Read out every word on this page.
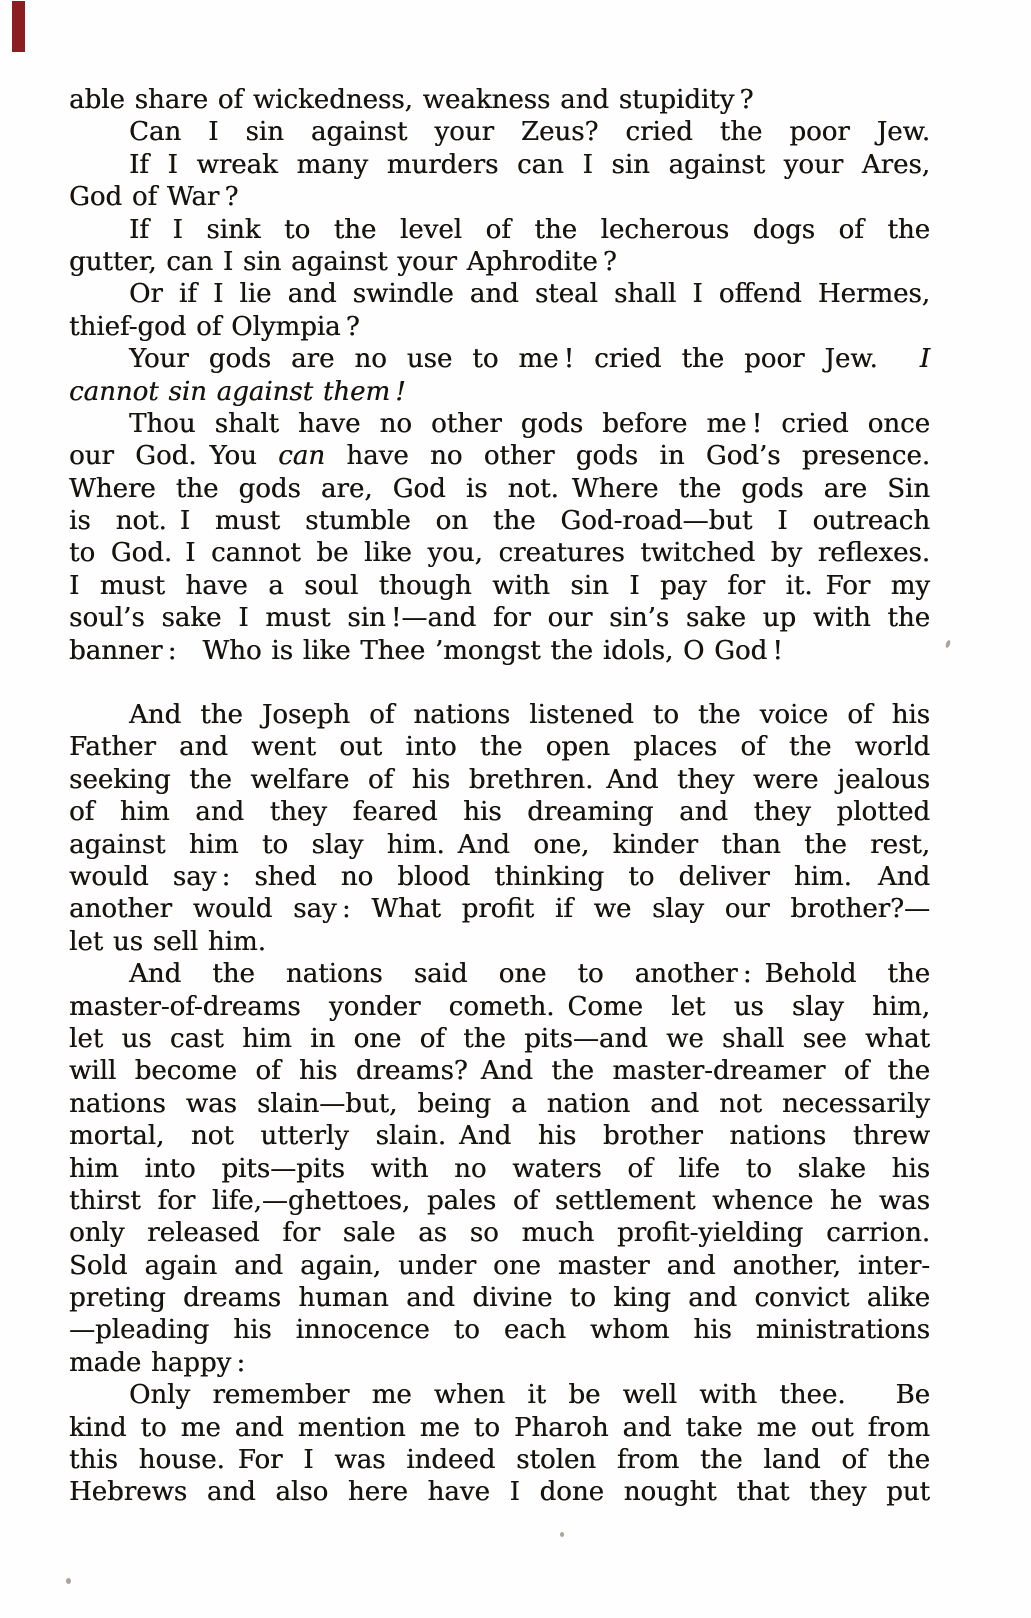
able share of wickedness, weakness and stupidity ?
Can I sin against your Zeus? cried the poor Jew.
If I wreak many murders can I sin against your Ares,
God of War ?
If I sink to the level of the lecherous dogs of the
gutter, can I sin against your Aphrodite ?
Or if I lie and swindle and steal shall I offend Hermes,
thief-god of Olympia ?
Your gods are no use to me ! cried the poor Jew. I
cannot sin against them !
Thou shalt have no other gods before me ! cried once
our God. You can have no other gods in God’s presence.
Where the gods are, God is not. Where the gods are Sin
is not. I must stumble on the God-road—but I outreach
to God. I cannot be like you, creatures twitched by reflexes.
I must have a soul though with sin I pay for it. For my
soul’s sake I must sin !—and for our sin’s sake up with the
banner : Who is like Thee ’mongst the idols, O God !
And the Joseph of nations listened to the voice of his
Father and went out into the open places of the world
seeking the welfare of his brethren. And they were jealous
of him and they feared his dreaming and they plotted
against him to slay him. And one, kinder than the rest,
would say : shed no blood thinking to deliver him. And
another would say : What profit if we slay our brother?—
let us sell him.
And the nations said one to another : Behold the
master-of-dreams yonder cometh. Come let us slay him,
let us cast him in one of the pits—and we shall see what
will become of his dreams? And the master-dreamer of the
nations was slain—but, being a nation and not necessarily
mortal, not utterly slain. And his brother nations threw
him into pits—pits with no waters of life to slake his
thirst for life,—ghettoes, pales of settlement whence he was
only released for sale as so much profit-yielding carrion.
Sold again and again, under one master and another, inter-
preting dreams human and divine to king and convict alike
—pleading his innocence to each whom his ministrations
made happy :
Only remember me when it be well with thee. Be
kind to me and mention me to Pharoh and take me out from
this house. For I was indeed stolen from the land of the
Hebrews and also here have I done nought that they put
